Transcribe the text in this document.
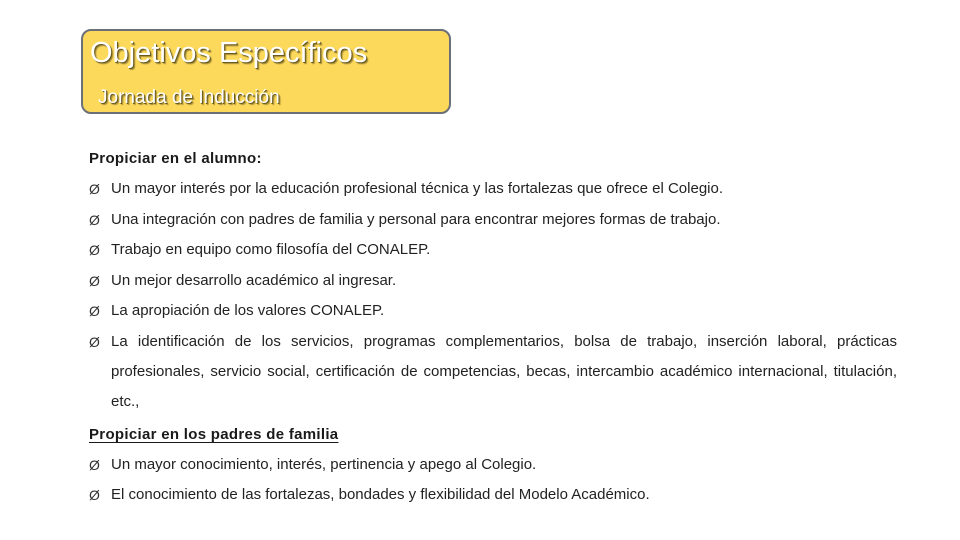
Objetivos Específicos
Jornada de Inducción
Propiciar en el alumno:
Ø Un mayor interés por la educación profesional técnica y las fortalezas que ofrece el Colegio.
Ø Una integración con padres de familia y personal para encontrar mejores formas de trabajo.
Ø Trabajo en equipo como filosofía del CONALEP.
Ø Un mejor desarrollo académico al ingresar.
Ø La apropiación de los valores CONALEP.
Ø La identificación de los servicios, programas complementarios, bolsa de trabajo, inserción laboral, prácticas profesionales, servicio social, certificación de competencias, becas, intercambio académico internacional, titulación, etc.,
Propiciar en los padres de familia
Ø Un mayor conocimiento, interés, pertinencia y apego al Colegio.
Ø El conocimiento de las fortalezas, bondades y flexibilidad del Modelo Académico.
